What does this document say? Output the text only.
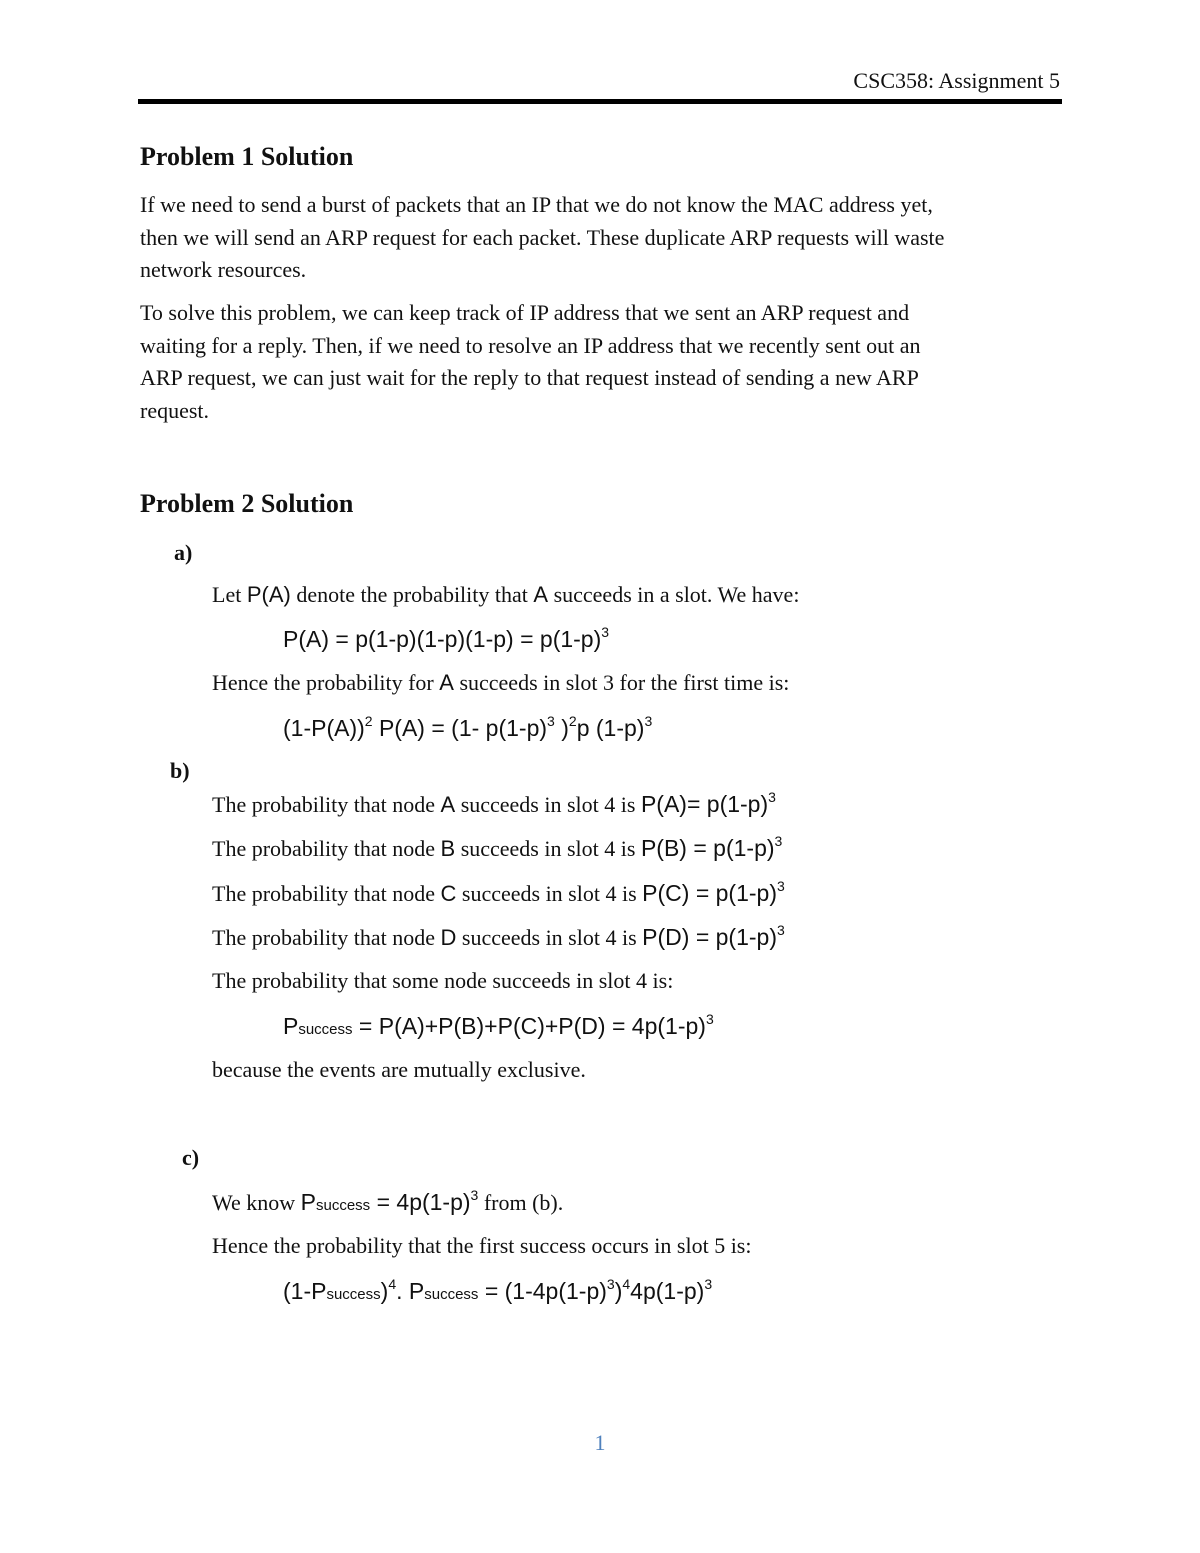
CSC358: Assignment 5
Problem 1 Solution
If we need to send a burst of packets that an IP that we do not know the MAC address yet,
then we will send an ARP request for each packet. These duplicate ARP requests will waste
network resources.
To solve this problem, we can keep track of IP address that we sent an ARP request and
waiting for a reply. Then, if we need to resolve an IP address that we recently sent out an
ARP request, we can just wait for the reply to that request instead of sending a new ARP
request.
Problem 2 Solution
a)
Let P(A) denote the probability that A succeeds in a slot. We have:
$P(A) = p(1-p)(1-p)(1-p) = p(1-p)^3$
Hence the probability for A succeeds in slot 3 for the first time is:
$(1-P(A))^2$ P(A) = (1- $p(1-p)^3$ )$^2$p $(1-p)^3$
b)
The probability that node A succeeds in slot 4 is $P(A)= p(1-p)^3$
The probability that node B succeeds in slot 4 is $P(B) = p(1-p)^3$
The probability that node C succeeds in slot 4 is $P(C) = p(1-p)^3$
The probability that node D succeeds in slot 4 is $P(D) = p(1-p)^3$
The probability that some node succeeds in slot 4 is:
Psuccess = $P(A)+P(B)+P(C)+P(D) = 4p(1-p)^3$
because the events are mutually exclusive.
c)
We know Psuccess = $4p(1-p)^3$ from (b).
Hence the probability that the first success occurs in slot 5 is:
(1-Psuccess)$^4$. Psuccess = $(1-4p(1-p)^3)^44p(1-p)^3$
1
